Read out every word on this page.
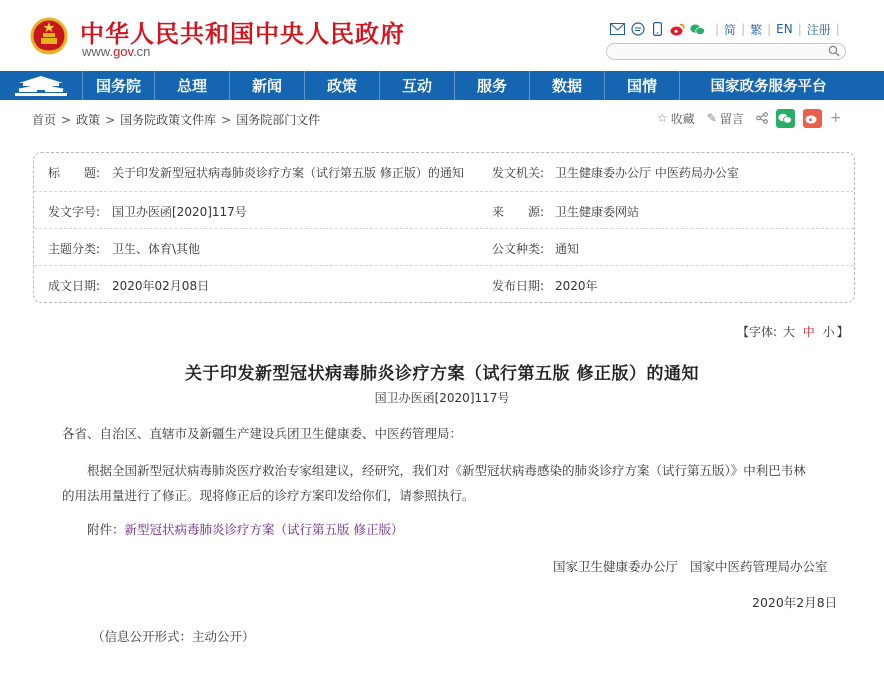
中华人民共和国中央人民政府
www.gov.cn
| 简 | 繁 | EN | 注册 |
国务院	总理	新闻	政策	互动	服务	数据	国情	国家政务服务平台
首页 > 政策 > 国务院政策文件库 > 国务院部门文件	☆ 收藏 ✎ 留言	+
标　　题: 关于印发新型冠状病毒肺炎诊疗方案（试行第五版 修正版）的通知 发文机关: 卫生健康委办公厅 中医药局办公室
发文字号: 国卫办医函[2020]117号	来　　源: 卫生健康委网站
主题分类: 卫生、体育\其他	公文种类: 通知
成文日期: 2020年02月08日	发布日期: 2020年
【字体: 大 中 小 】
关于印发新型冠状病毒肺炎诊疗方案（试行第五版 修正版）的通知
国卫办医函[2020]117号
各省、自治区、直辖市及新疆生产建设兵团卫生健康委、中医药管理局：
根据全国新型冠状病毒肺炎医疗救治专家组建议，经研究，我们对《新型冠状病毒感染的肺炎诊疗方案（试行第五版）》中利巴韦林
的用法用量进行了修正。现将修正后的诊疗方案印发给你们，请参照执行。
附件：新型冠状病毒肺炎诊疗方案（试行第五版 修正版）
国家卫生健康委办公厅 国家中医药管理局办公室
2020年2月8日
（信息公开形式：主动公开）
